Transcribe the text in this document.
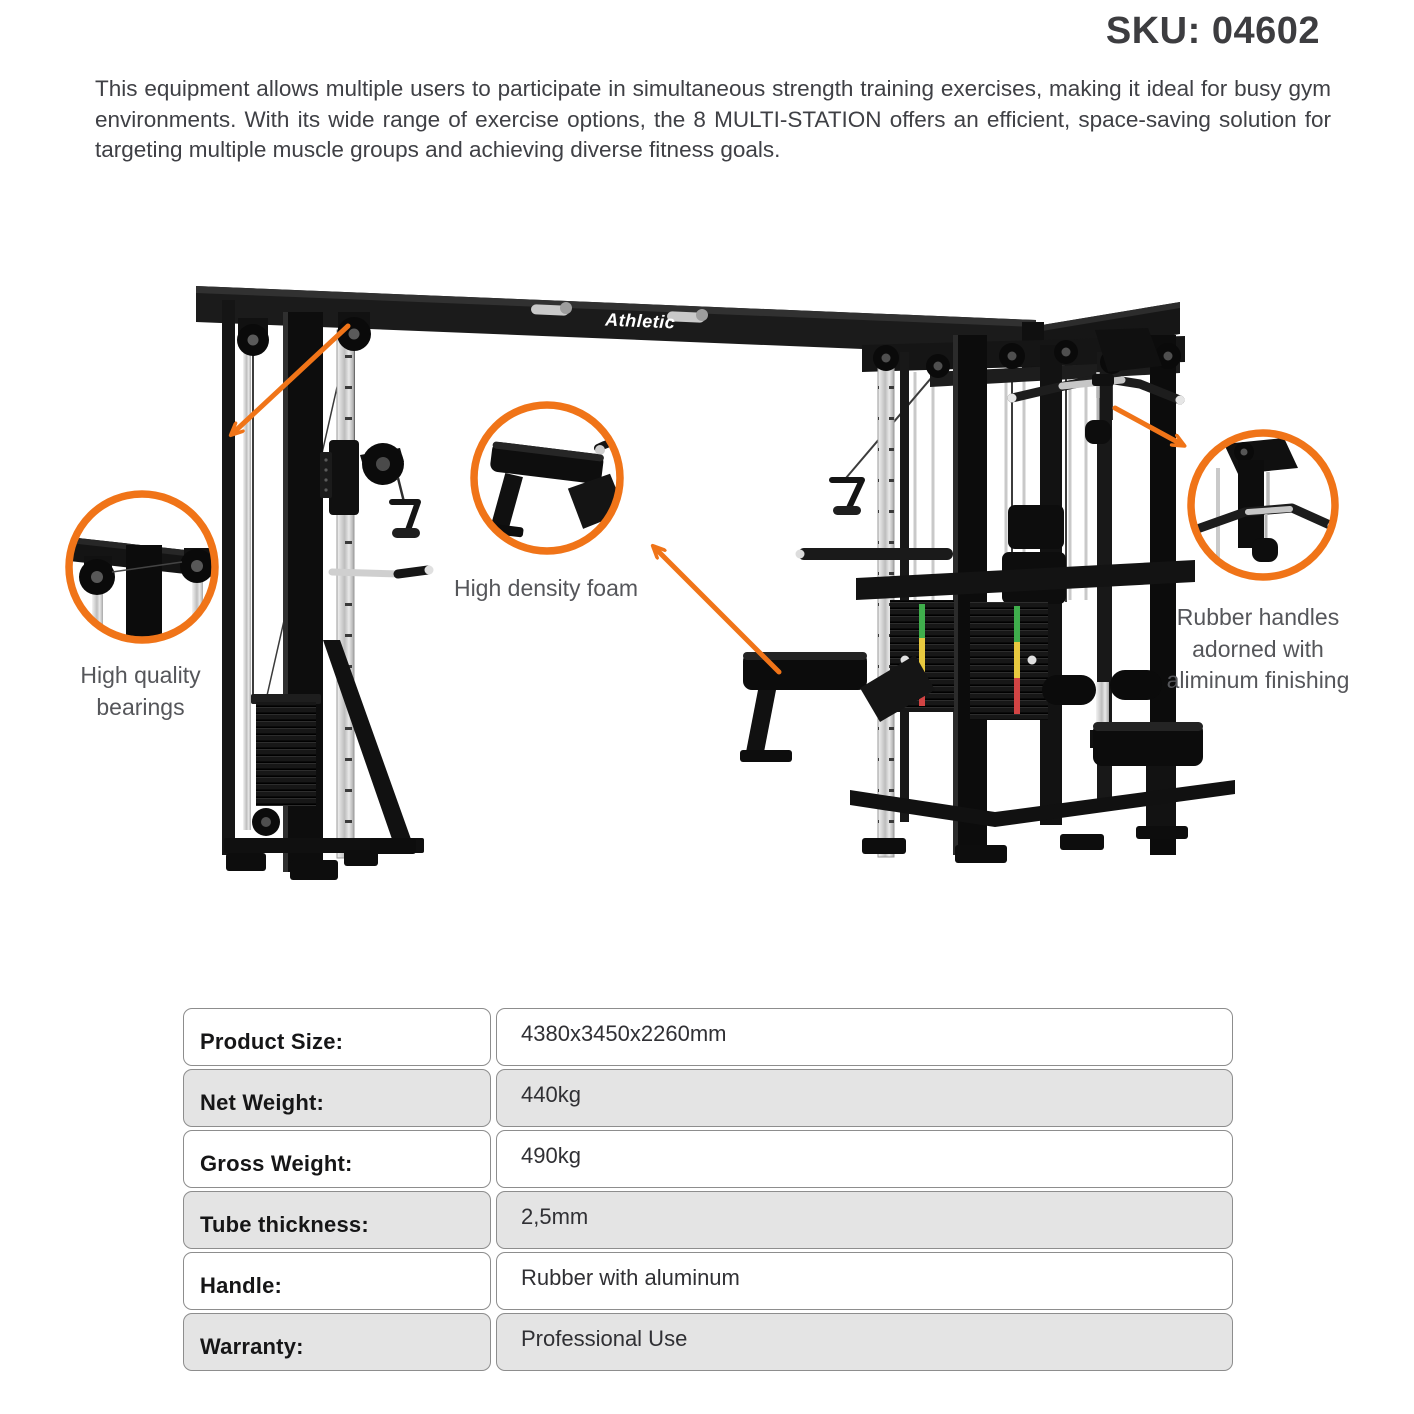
SKU: 04602

This equipment allows multiple users to participate in simultaneous strength training exercises, making it ideal for busy gym environments. With its wide range of exercise options, the 8 MULTI-STATION offers an efficient, space-saving solution for targeting multiple muscle groups and achieving diverse fitness goals.

Athletic
High quality bearings
High density foam
Rubber handles adorned with aliminum finishing
Product Size:	4380x3450x2260mm
Net Weight:	440kg
Gross Weight:	490kg
Tube thickness:	2,5mm
Handle:	Rubber with aluminum
Warranty:	Professional Use
